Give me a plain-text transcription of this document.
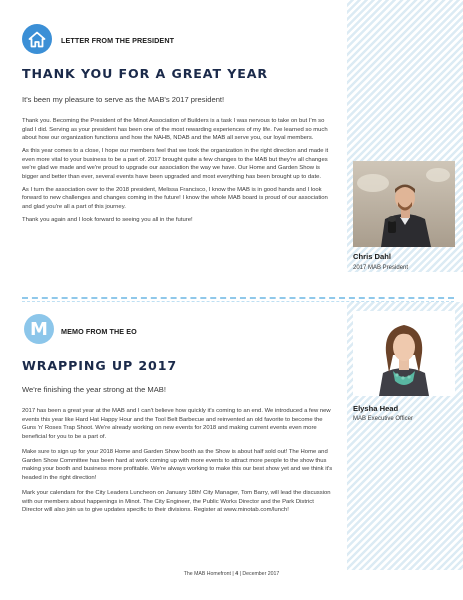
LETTER FROM THE PRESIDENT
THANK YOU FOR A GREAT YEAR
It's been my pleasure to serve as the MAB's 2017 president!

Thank you. Becoming the President of the Minot Association of Builders is a task I was nervous to take on but I'm so glad I did. Serving as your president has been one of the most rewarding experiences of my life. I've learned so much about how our organization functions and how the NAHB, NDAB and the MAB all serve you, our loyal members.

As this year comes to a close, I hope our members feel that we took the organization in the right direction and made it even more vital to your business to be a part of. 2017 brought quite a few changes to the MAB but they're all changes we're glad we made and we're proud to upgrade our association the way we have. Our Home and Garden Show is bigger and better than ever, several events have been upgraded and most everything has been brought up to date.

As I turn the association over to the 2018 president, Melissa Francisco, I know the MAB is in good hands and I look forward to new challenges and changes coming in the future! I know the whole MAB board is proud of our association and glad you're all a part of this journey.

Thank you again and I look forward to seeing you all in the future!

Chris Dahl
2017 MAB President
M	MEMO FROM THE EO
WRAPPING UP 2017
We're finishing the year strong at the MAB!

2017 has been a great year at the MAB and I can't believe how quickly it's coming to an end. We introduced a few new events this year like Hard Hat Happy Hour and the Tool Belt Barbecue and reinvented an old favorite to become the Guns 'n' Roses Trap Shoot. We're already working on new events for 2018 and making current events even more beneficial for you to be a part of.

Make sure to sign up for your 2018 Home and Garden Show booth as the Show is about half sold out! The Home and Garden Show Committee has been hard at work coming up with more events to attract more people to the show thus making your booth and business more profitable. We're always working to make this our best show yet and we think it's headed in the right direction!

Mark your calendars for the City Leaders Luncheon on January 18th! City Manager, Tom Barry, will lead the discussion with our members about happenings in Minot. The City Engineer, the Public Works Director and the Park District Director will also join us to give updates specific to their divisions. Register at www.minotab.com/lunch!

Elysha Head
MAB Executive Officer
The MAB Homefront | 4 | December 2017
